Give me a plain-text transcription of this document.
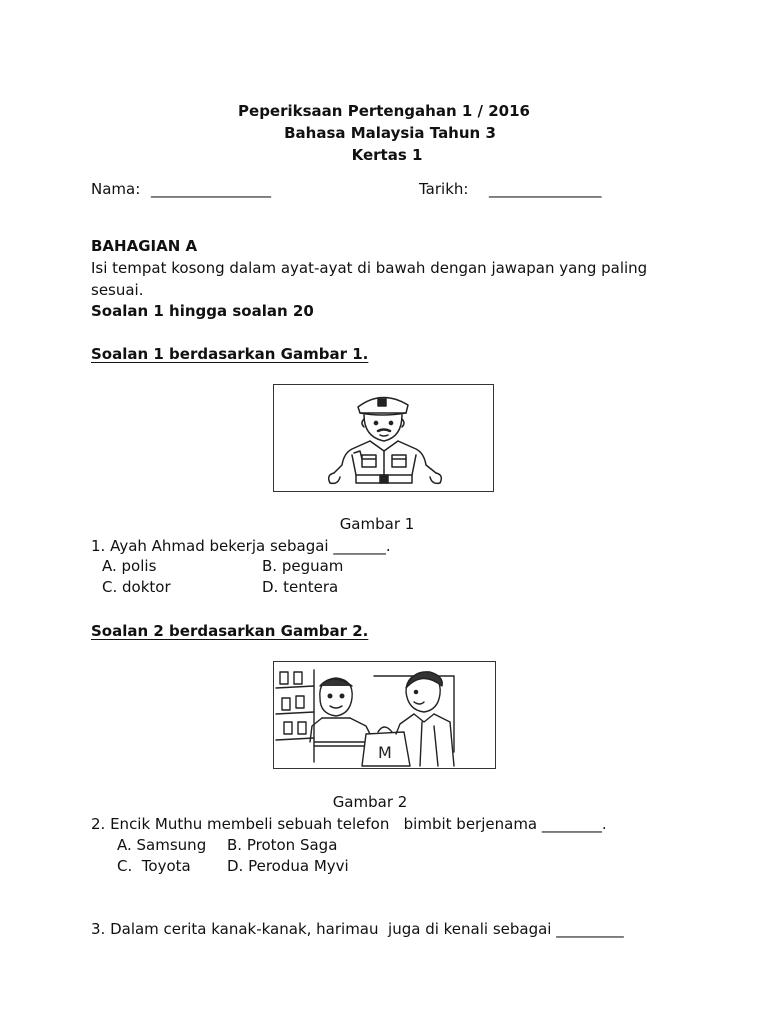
Peperiksaan Pertengahan 1 / 2016
Bahasa Malaysia Tahun 3
Kertas 1
Nama: ________________	Tarikh: _______________
BAHAGIAN A
Isi tempat kosong dalam ayat-ayat di bawah dengan jawapan yang paling
sesuai.
Soalan 1 hingga soalan 20
Soalan 1 berdasarkan Gambar 1.
Gambar 1
1. Ayah Ahmad bekerja sebagai _______.
A. polis	B. peguam
C. doktor	D. tentera
Soalan 2 berdasarkan Gambar 2.
M
Gambar 2
2. Encik Muthu membeli sebuah telefon   bimbit berjenama ________.
A. Samsung B. Proton Saga
C.  Toyota D. Perodua Myvi
3. Dalam cerita kanak-kanak, harimau  juga di kenali sebagai _________
